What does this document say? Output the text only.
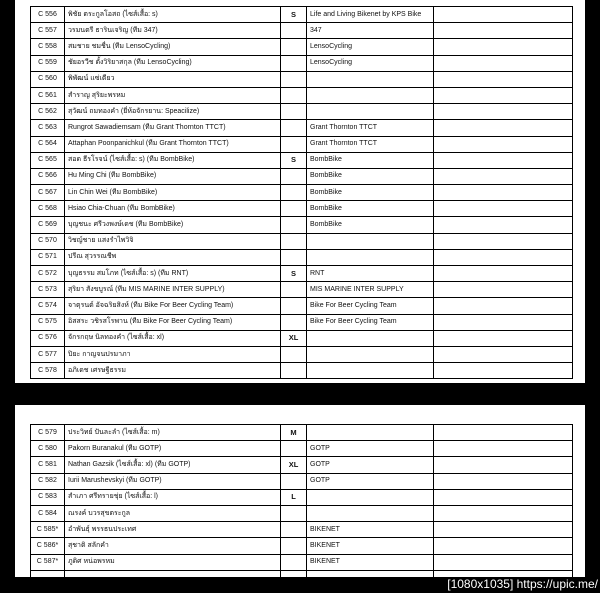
C 556	พิชัย ตระกูลโอสถ (ไซส์เสื้อ: s)	S	Life and Living Bikenet by KPS Bike	
C 557	วรมนตรี ธารินเจริญ (ทีม 347)		347	
C 558	สมชาย ชมชื่น (ทีม LensoCycling)		LensoCycling	
C 559	ชัยอรวีช ตั้งวิริยาสกุล (ทีม LensoCycling)		LensoCycling	
C 560	พิพัฒน์ แซ่เตียว			
C 561	สำราญ สุริยะพรหม			
C 562	สุวัฒน์ ถมทองคำ (ยี่ห้อจักรยาน: Speacilize)			
C 563	Rungrot Sawadiemsam (ทีม Grant Thornton TTCT)		Grant Thornton TTCT	
C 564	Attaphan Poonpanichkul (ทีม Grant Thornton TTCT)		Grant Thornton TTCT	
C 565	สอด ธีรโรจน์ (ไซส์เสื้อ: s) (ทีม BombBike)	S	BombBike	
C 566	Hu Ming Chi (ทีม BombBike)		BombBike	
C 567	Lin Chin Wei (ทีม BombBike)		BombBike	
C 568	Hsiao Chia-Chuan (ทีม BombBike)		BombBike	
C 569	บุญชนะ ศรีวงพงษ์เดช (ทีม BombBike)		BombBike	
C 570	วิชญ์ชาย แสงรำไพวิจิ			
C 571	ปรีณ สุวรรณชีพ			
C 572	บุญธรรม สมโภท (ไซส์เสื้อ: s) (ทีม RNT)	S	RNT	
C 573	สุริยา สังขบูรณ์ (ทีม MIS MARINE INTER SUPPLY)		MIS MARINE INTER SUPPLY	
C 574	จาตุรนต์ อัจฉริยสิงห์ (ทีม Bike For Beer Cycling Team)		Bike For Beer Cycling Team	
C 575	อิสสระ วชิรสโรพาน (ทีม Bike For Beer Cycling Team)		Bike For Beer Cycling Team	
C 576	จักรกฤษ นิลทองคำ (ไซส์เสื้อ: xl)	XL		
C 577	ปิยะ กาญจนปรมาภา			
C 578	อภิเดช เศรษฐีธรรม			
C 579	ประวิทย์ ปันละลำ (ไซส์เสื้อ: m)	M		
C 580	Pakorn Buranakul (ทีม GOTP)		GOTP	
C 581	Nathan Gazsik (ไซส์เสื้อ: xl) (ทีม GOTP)	XL	GOTP	
C 582	Iurii Marushevskyi (ทีม GOTP)		GOTP	
C 583	สำเภา ศรีทรายชุ่ย (ไซส์เสื้อ: l)	L		
C 584	ณรงค์ บวรสุขตระกูล			
C 585*	อำพันธุ์ พรรธนประเทศ		BIKENET	
C 586*	สุชาติ สลักคำ		BIKENET	
C 587*	ภูดิศ หน่อพรหม		BIKENET	

[1080x1035] https://upic.me/
